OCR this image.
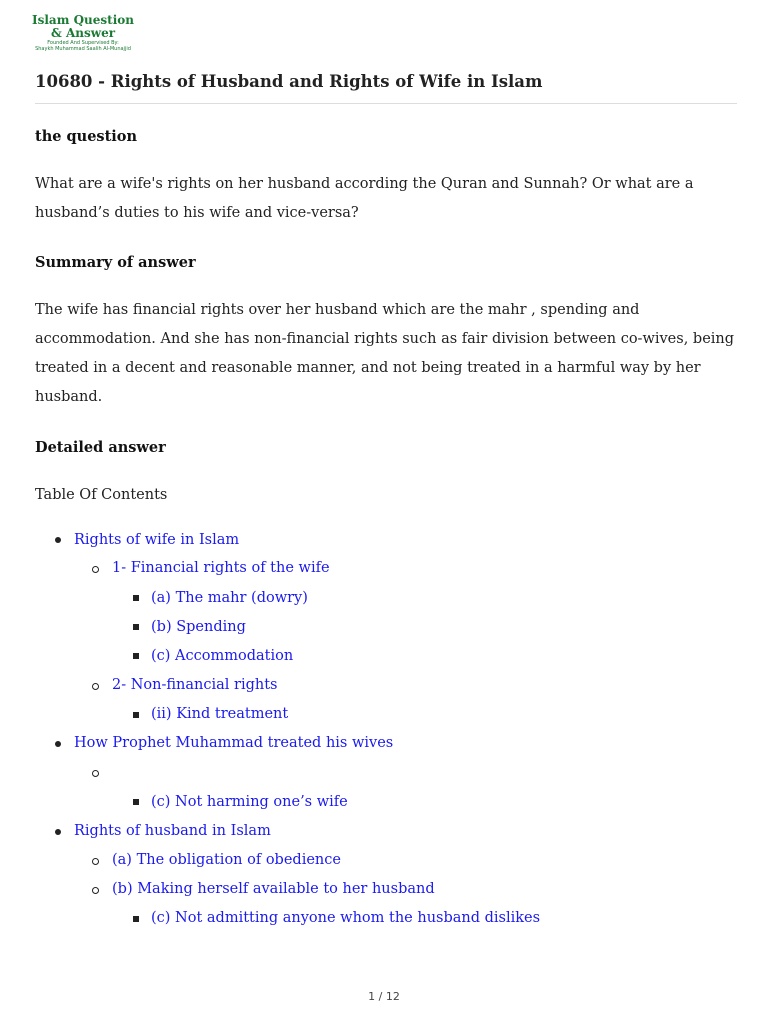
Islam Question
& Answer
Founded And Supervised By:
Shaykh Muhammad Saalih Al-Munajjid
10680 - Rights of Husband and Rights of Wife in Islam
the question

What are a wife's rights on her husband according the Quran and Sunnah? Or what are a husband’s duties to his wife and vice-versa?

Summary of answer

The wife has financial rights over her husband which are the mahr , spending and accommodation. And she has non-financial rights such as fair division between co-wives, being treated in a decent and reasonable manner, and not being treated in a harmful way by her husband.

Detailed answer
Table Of Contents
Rights of wife in Islam
1- Financial rights of the wife
(a) The mahr (dowry)
(b) Spending
(c) Accommodation
2- Non-financial rights
(ii) Kind treatment
How Prophet Muhammad treated his wives
(c) Not harming one’s wife
Rights of husband in Islam
(a) The obligation of obedience
(b) Making herself available to her husband
(c) Not admitting anyone whom the husband dislikes
1 / 12
